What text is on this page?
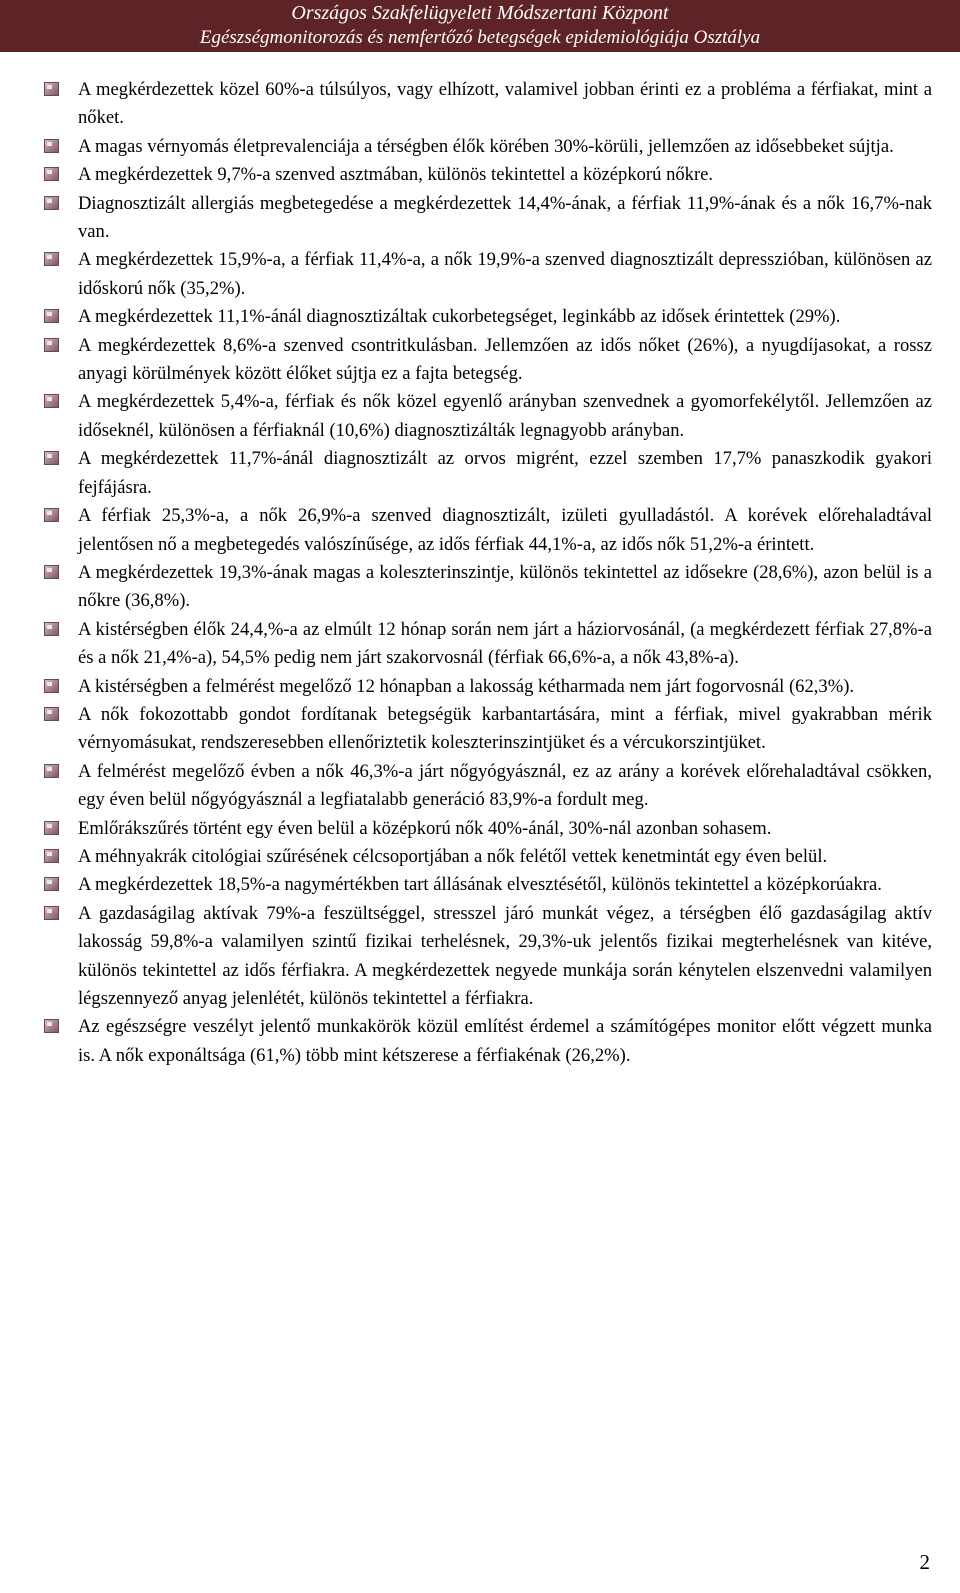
Országos Szakfelügyeleti Módszertani Központ
Egészségmonitorozás és nemfertőző betegségek epidemiológiája Osztálya

A megkérdezettek közel 60%-a túlsúlyos, vagy elhízott, valamivel jobban érinti ez a probléma a férfiakat, mint a nőket.

A magas vérnyomás életprevalenciája a térségben élők körében 30%-körüli, jellemzően az idősebbeket sújtja.

A megkérdezettek 9,7%-a szenved asztmában, különös tekintettel a középkorú nőkre.

Diagnosztizált allergiás megbetegedése a megkérdezettek 14,4%-ának, a férfiak 11,9%-ának és a nők 16,7%-nak van.

A megkérdezettek 15,9%-a, a férfiak 11,4%-a, a nők 19,9%-a szenved diagnosztizált depresszióban, különösen az időskorú nők (35,2%).

A megkérdezettek 11,1%-ánál diagnosztizáltak cukorbetegséget, leginkább az idősek érintettek (29%).

A megkérdezettek 8,6%-a szenved csontritkulásban. Jellemzően az idős nőket (26%), a nyugdíjasokat, a rossz anyagi körülmények között élőket sújtja ez a fajta betegség.

A megkérdezettek 5,4%-a, férfiak és nők közel egyenlő arányban szenvednek a gyomorfekélytől. Jellemzően az időseknél, különösen a férfiaknál (10,6%) diagnosztizálták legnagyobb arányban.

A megkérdezettek 11,7%-ánál diagnosztizált az orvos migrént, ezzel szemben 17,7% panaszkodik gyakori fejfájásra.

A férfiak 25,3%-a, a nők 26,9%-a szenved diagnosztizált, izületi gyulladástól. A korévek előrehaladtával jelentősen nő a megbetegedés valószínűsége, az idős férfiak 44,1%-a, az idős nők 51,2%-a érintett.

A megkérdezettek 19,3%-ának magas a koleszterinszintje, különös tekintettel az idősekre (28,6%), azon belül is a nőkre (36,8%).

A kistérségben élők 24,4,%-a az elmúlt 12 hónap során nem járt a háziorvosánál, (a megkérdezett férfiak 27,8%-a és a nők 21,4%-a), 54,5% pedig nem járt szakorvosnál (férfiak 66,6%-a, a nők 43,8%-a).

A kistérségben a felmérést megelőző 12 hónapban a lakosság kétharmada nem járt fogorvosnál (62,3%).

A nők fokozottabb gondot fordítanak betegségük karbantartására, mint a férfiak, mivel gyakrabban mérik vérnyomásukat, rendszeresebben ellenőriztetik koleszterinszintjüket és a vércukorszintjüket.

A felmérést megelőző évben a nők 46,3%-a járt nőgyógyásznál, ez az arány a korévek előrehaladtával csökken, egy éven belül nőgyógyásznál a legfiatalabb generáció 83,9%-a fordult meg.

Emlőrákszűrés történt egy éven belül a középkorú nők 40%-ánál, 30%-nál azonban sohasem.

A méhnyakrák citológiai szűrésének célcsoportjában a nők felétől vettek kenetmintát egy éven belül.

A megkérdezettek 18,5%-a nagymértékben tart állásának elvesztésétől, különös tekintettel a középkorúakra.

A gazdaságilag aktívak 79%-a feszültséggel, stresszel járó munkát végez, a térségben élő gazdaságilag aktív lakosság 59,8%-a valamilyen szintű fizikai terhelésnek, 29,3%-uk jelentős fizikai megterhelésnek van kitéve, különös tekintettel az idős férfiakra. A megkérdezettek negyede munkája során kénytelen elszenvedni valamilyen légszennyező anyag jelenlétét, különös tekintettel a férfiakra.

Az egészségre veszélyt jelentő munkakörök közül említést érdemel a számítógépes monitor előtt végzett munka is. A nők exponáltsága (61,%) több mint kétszerese a férfiakénak (26,2%).

2
